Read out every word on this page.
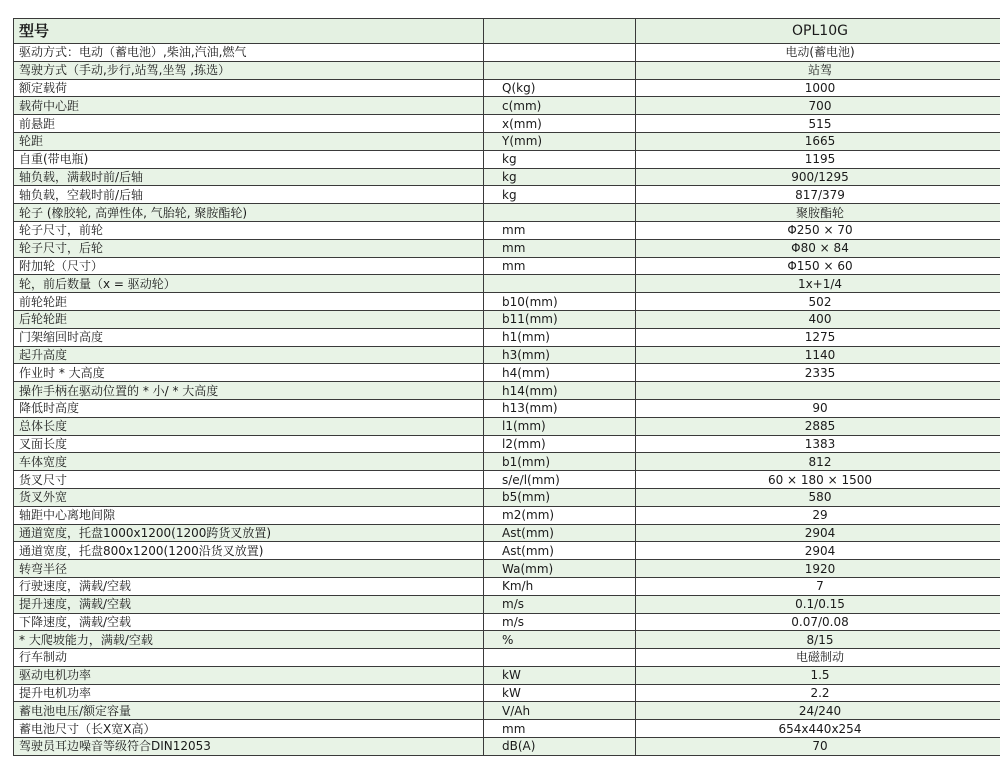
型号		OPL10G
驱动方式：电动（蓄电池）,柴油,汽油,燃气		电动(蓄电池)
驾驶方式（手动,步行,站驾,坐驾 ,拣选）		站驾
额定载荷	Q(kg)	1000
载荷中心距	c(mm)	700
前悬距	x(mm)	515
轮距	Y(mm)	1665
自重(带电瓶)	kg	1195
轴负载，满载时前/后轴	kg	900/1295
轴负载，空载时前/后轴	kg	817/379
轮子 (橡胶轮, 高弹性体, 气胎轮, 聚胺酯轮)		聚胺酯轮
轮子尺寸，前轮	mm	Φ250 × 70
轮子尺寸，后轮	mm	Φ80 × 84
附加轮（尺寸）	mm	Φ150 × 60
轮，前后数量（x = 驱动轮）		1x+1/4
前轮轮距	b10(mm)	502
后轮轮距	b11(mm)	400
门架缩回时高度	h1(mm)	1275
起升高度	h3(mm)	1140
作业时 * 大高度	h4(mm)	2335
操作手柄在驱动位置的 * 小/ * 大高度	h14(mm)	
降低时高度	h13(mm)	90
总体长度	l1(mm)	2885
叉面长度	l2(mm)	1383
车体宽度	b1(mm)	812
货叉尺寸	s/e/l(mm)	60 × 180 × 1500
货叉外宽	b5(mm)	580
轴距中心离地间隙	m2(mm)	29
通道宽度，托盘1000x1200(1200跨货叉放置)	Ast(mm)	2904
通道宽度，托盘800x1200(1200沿货叉放置)	Ast(mm)	2904
转弯半径	Wa(mm)	1920
行驶速度，满载/空载	Km/h	7
提升速度，满载/空载	m/s	0.1/0.15
下降速度，满载/空载	m/s	0.07/0.08
* 大爬坡能力，满载/空载	%	8/15
行车制动		电磁制动
驱动电机功率	kW	1.5
提升电机功率	kW	2.2
蓄电池电压/额定容量	V/Ah	24/240
蓄电池尺寸（长X宽X高）	mm	654x440x254
驾驶员耳边噪音等级符合DIN12053	dB(A)	70
